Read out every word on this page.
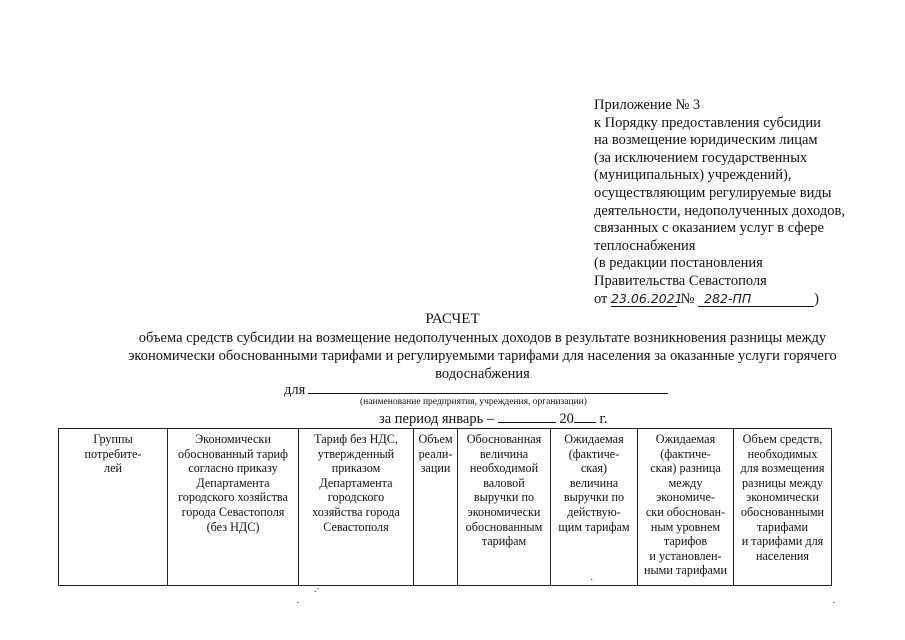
Приложение № 3
к Порядку предоставления субсидии
на возмещение юридическим лицам
(за исключением государственных
(муниципальных) учреждений),
осуществляющим регулируемые виды
деятельности, недополученных доходов,
связанных с оказанием услуг в сфере
теплоснабжения
(в редакции постановления
Правительства Севастополя
от 23.06.2021 № 282-ПП	)
РАСЧЕТ
объема средств субсидии на возмещение недополученных доходов в результате возникновения разницы между
экономически обоснованными тарифами и регулируемыми тарифами для населения за оказанные услуги горячего
водоснабжения
для
(наименование предприятия, учреждения, организации)
за период январь –	20 г.
Группы
потребите-
лей

Экономически
обоснованный тариф
согласно приказу
Департамента
городского хозяйства
города Севастополя
(без НДС)

Тариф без НДС,
утвержденный
приказом
Департамента
городского
хозяйства города
Севастополя

Объем
реали-
зации

Обоснованная
величина
необходимой
валовой
выручки по
экономически
обоснованным
тарифам

Ожидаемая
(фактиче-
ская)
величина
выручки по
действую-
щим тарифам

Ожидаемая
(фактиче-
ская) разница
между
экономиче-
ски обоснован-
ным уровнем
тарифов
и установлен-
ными тарифами

Объем средств,
необходимых
для возмещения
разницы между
экономически
обоснованными
тарифами
и тарифами для
населения
.·
·
·
·
